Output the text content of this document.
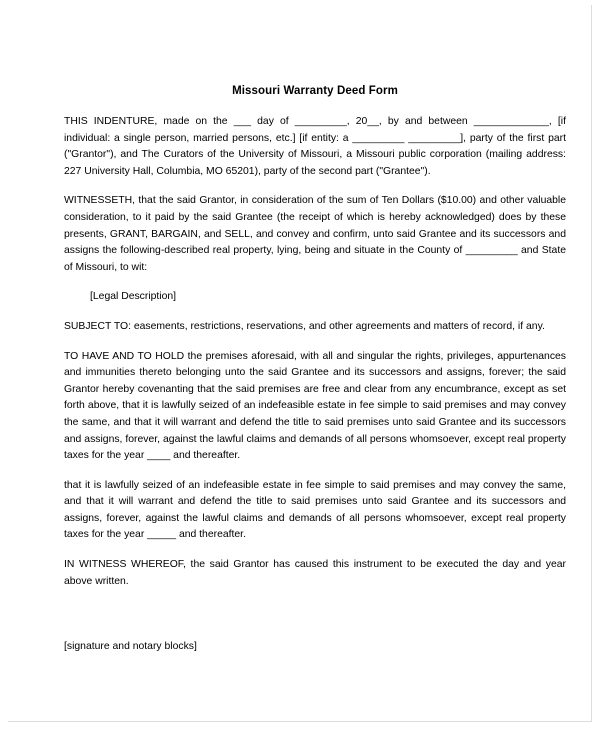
Missouri Warranty Deed Form

THIS INDENTURE, made on the ___ day of _________, 20__, by and between _____________, [if individual: a single person, married persons, etc.] [if entity: a _________ _________], party of the first part ("Grantor"), and The Curators of the University of Missouri, a Missouri public corporation (mailing address: 227 University Hall, Columbia, MO 65201), party of the second part ("Grantee").

WITNESSETH, that the said Grantor, in consideration of the sum of Ten Dollars ($10.00) and other valuable consideration, to it paid by the said Grantee (the receipt of which is hereby acknowledged) does by these presents, GRANT, BARGAIN, and SELL, and convey and confirm, unto said Grantee and its successors and assigns the following-described real property, lying, being and situate in the County of _________ and State of Missouri, to wit:

[Legal Description]

SUBJECT TO: easements, restrictions, reservations, and other agreements and matters of record, if any.

TO HAVE AND TO HOLD the premises aforesaid, with all and singular the rights, privileges, appurtenances and immunities thereto belonging unto the said Grantee and its successors and assigns, forever; the said Grantor hereby covenanting that the said premises are free and clear from any encumbrance, except as set forth above, that it is lawfully seized of an indefeasible estate in fee simple to said premises and may convey the same, and that it will warrant and defend the title to said premises unto said Grantee and its successors and assigns, forever, against the lawful claims and demands of all persons whomsoever, except real property taxes for the year ____ and thereafter.

that it is lawfully seized of an indefeasible estate in fee simple to said premises and may convey the same, and that it will warrant and defend the title to said premises unto said Grantee and its successors and assigns, forever, against the lawful claims and demands of all persons whomsoever, except real property taxes for the year _____ and thereafter.

IN WITNESS WHEREOF, the said Grantor has caused this instrument to be executed the day and year above written.

[signature and notary blocks]
